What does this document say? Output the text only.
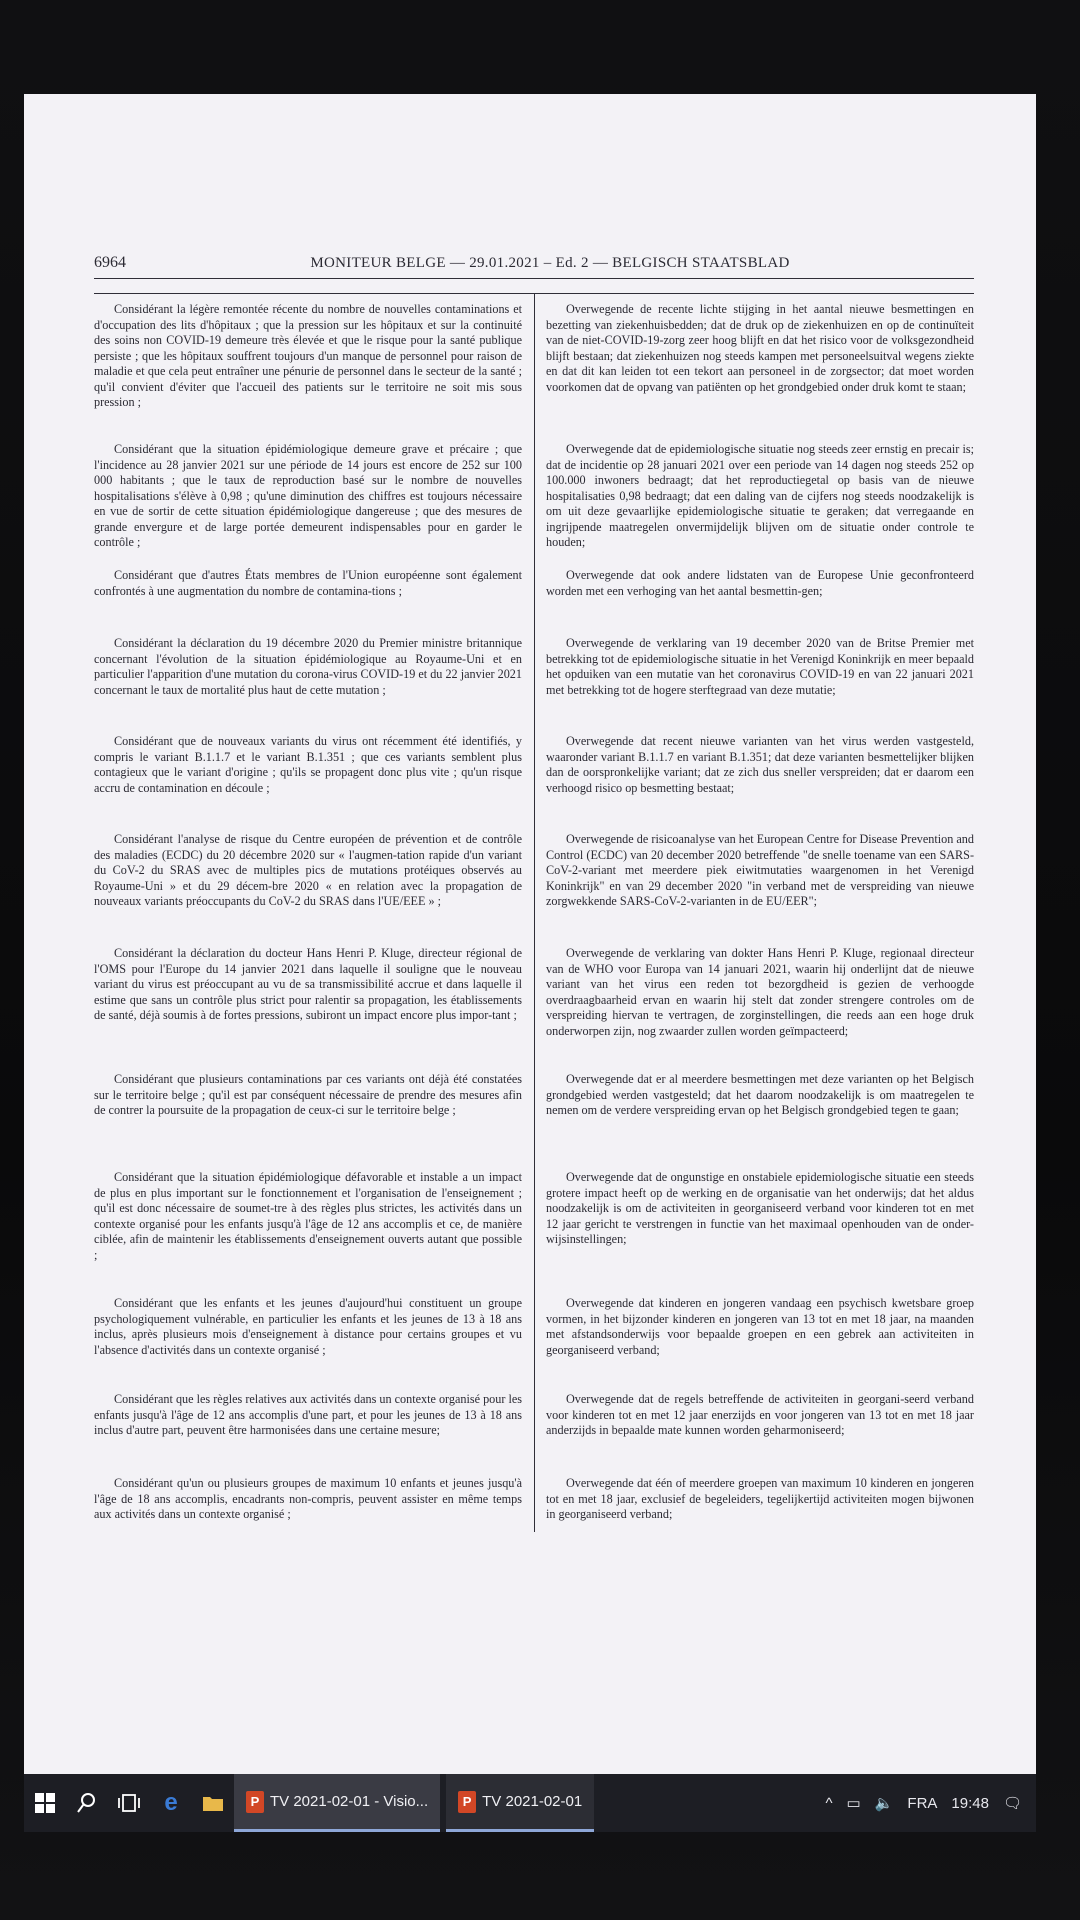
6964	MONITEUR BELGE — 29.01.2021 – Ed. 2 — BELGISCH STAATSBLAD

Considérant la légère remontée récente du nombre de nouvelles contaminations et d'occupation des lits d'hôpitaux ; que la pression sur les hôpitaux et sur la continuité des soins non COVID-19 demeure très élevée et que le risque pour la santé publique persiste ; que les hôpitaux souffrent toujours d'un manque de personnel pour raison de maladie et que cela peut entraîner une pénurie de personnel dans le secteur de la santé ; qu'il convient d'éviter que l'accueil des patients sur le territoire ne soit mis sous pression ;

Considérant que la situation épidémiologique demeure grave et précaire ; que l'incidence au 28 janvier 2021 sur une période de 14 jours est encore de 252 sur 100 000 habitants ; que le taux de reproduction basé sur le nombre de nouvelles hospitalisations s'élève à 0,98 ; qu'une diminution des chiffres est toujours nécessaire en vue de sortir de cette situation épidémiologique dangereuse ; que des mesures de grande envergure et de large portée demeurent indispensables pour en garder le contrôle ;

Considérant que d'autres États membres de l'Union européenne sont également confrontés à une augmentation du nombre de contamina-tions ;

Considérant la déclaration du 19 décembre 2020 du Premier ministre britannique concernant l'évolution de la situation épidémiologique au Royaume-Uni et en particulier l'apparition d'une mutation du corona-virus COVID-19 et du 22 janvier 2021 concernant le taux de mortalité plus haut de cette mutation ;

Considérant que de nouveaux variants du virus ont récemment été identifiés, y compris le variant B.1.1.7 et le variant B.1.351 ; que ces variants semblent plus contagieux que le variant d'origine ; qu'ils se propagent donc plus vite ; qu'un risque accru de contamination en découle ;

Considérant l'analyse de risque du Centre européen de prévention et de contrôle des maladies (ECDC) du 20 décembre 2020 sur « l'augmen-tation rapide d'un variant du CoV-2 du SRAS avec de multiples pics de mutations protéiques observés au Royaume-Uni » et du 29 décem-bre 2020 « en relation avec la propagation de nouveaux variants préoccupants du CoV-2 du SRAS dans l'UE/EEE » ;

Considérant la déclaration du docteur Hans Henri P. Kluge, directeur régional de l'OMS pour l'Europe du 14 janvier 2021 dans laquelle il souligne que le nouveau variant du virus est préoccupant au vu de sa transmissibilité accrue et dans laquelle il estime que sans un contrôle plus strict pour ralentir sa propagation, les établissements de santé, déjà soumis à de fortes pressions, subiront un impact encore plus impor-tant ;

Considérant que plusieurs contaminations par ces variants ont déjà été constatées sur le territoire belge ; qu'il est par conséquent nécessaire de prendre des mesures afin de contrer la poursuite de la propagation de ceux-ci sur le territoire belge ;

Considérant que la situation épidémiologique défavorable et instable a un impact de plus en plus important sur le fonctionnement et l'organisation de l'enseignement ; qu'il est donc nécessaire de soumet-tre à des règles plus strictes, les activités dans un contexte organisé pour les enfants jusqu'à l'âge de 12 ans accomplis et ce, de manière ciblée, afin de maintenir les établissements d'enseignement ouverts autant que possible ;

Considérant que les enfants et les jeunes d'aujourd'hui constituent un groupe psychologiquement vulnérable, en particulier les enfants et les jeunes de 13 à 18 ans inclus, après plusieurs mois d'enseignement à distance pour certains groupes et vu l'absence d'activités dans un contexte organisé ;

Considérant que les règles relatives aux activités dans un contexte organisé pour les enfants jusqu'à l'âge de 12 ans accomplis d'une part, et pour les jeunes de 13 à 18 ans inclus d'autre part, peuvent être harmonisées dans une certaine mesure;

Considérant qu'un ou plusieurs groupes de maximum 10 enfants et jeunes jusqu'à l'âge de 18 ans accomplis, encadrants non-compris, peuvent assister en même temps aux activités dans un contexte organisé ;

Overwegende de recente lichte stijging in het aantal nieuwe besmettingen en bezetting van ziekenhuisbedden; dat de druk op de ziekenhuizen en op de continuïteit van de niet-COVID-19-zorg zeer hoog blijft en dat het risico voor de volksgezondheid blijft bestaan; dat ziekenhuizen nog steeds kampen met personeelsuitval wegens ziekte en dat dit kan leiden tot een tekort aan personeel in de zorgsector; dat moet worden voorkomen dat de opvang van patiënten op het grondgebied onder druk komt te staan;

Overwegende dat de epidemiologische situatie nog steeds zeer ernstig en precair is; dat de incidentie op 28 januari 2021 over een periode van 14 dagen nog steeds 252 op 100.000 inwoners bedraagt; dat het reproductiegetal op basis van de nieuwe hospitalisaties 0,98 bedraagt; dat een daling van de cijfers nog steeds noodzakelijk is om uit deze gevaarlijke epidemiologische situatie te geraken; dat verregaande en ingrijpende maatregelen onvermijdelijk blijven om de situatie onder controle te houden;

Overwegende dat ook andere lidstaten van de Europese Unie geconfronteerd worden met een verhoging van het aantal besmettin-gen;

Overwegende de verklaring van 19 december 2020 van de Britse Premier met betrekking tot de epidemiologische situatie in het Verenigd Koninkrijk en meer bepaald het opduiken van een mutatie van het coronavirus COVID-19 en van 22 januari 2021 met betrekking tot de hogere sterftegraad van deze mutatie;

Overwegende dat recent nieuwe varianten van het virus werden vastgesteld, waaronder variant B.1.1.7 en variant B.1.351; dat deze varianten besmettelijker blijken dan de oorspronkelijke variant; dat ze zich dus sneller verspreiden; dat er daarom een verhoogd risico op besmetting bestaat;

Overwegende de risicoanalyse van het European Centre for Disease Prevention and Control (ECDC) van 20 december 2020 betreffende "de snelle toename van een SARS-CoV-2-variant met meerdere piek eiwitmutaties waargenomen in het Verenigd Koninkrijk" en van 29 december 2020 "in verband met de verspreiding van nieuwe zorgwekkende SARS-CoV-2-varianten in de EU/EER";

Overwegende de verklaring van dokter Hans Henri P. Kluge, regionaal directeur van de WHO voor Europa van 14 januari 2021, waarin hij onderlijnt dat de nieuwe variant van het virus een reden tot bezorgdheid is gezien de verhoogde overdraagbaarheid ervan en waarin hij stelt dat zonder strengere controles om de verspreiding hiervan te vertragen, de zorginstellingen, die reeds aan een hoge druk onderworpen zijn, nog zwaarder zullen worden geïmpacteerd;

Overwegende dat er al meerdere besmettingen met deze varianten op het Belgisch grondgebied werden vastgesteld; dat het daarom noodzakelijk is om maatregelen te nemen om de verdere verspreiding ervan op het Belgisch grondgebied tegen te gaan;

Overwegende dat de ongunstige en onstabiele epidemiologische situatie een steeds grotere impact heeft op de werking en de organisatie van het onderwijs; dat het aldus noodzakelijk is om de activiteiten in georganiseerd verband voor kinderen tot en met 12 jaar gericht te verstrengen in functie van het maximaal openhouden van de onder-wijsinstellingen;

Overwegende dat kinderen en jongeren vandaag een psychisch kwetsbare groep vormen, in het bijzonder kinderen en jongeren van 13 tot en met 18 jaar, na maanden met afstandsonderwijs voor bepaalde groepen en een gebrek aan activiteiten in georganiseerd verband;

Overwegende dat de regels betreffende de activiteiten in georgani-seerd verband voor kinderen tot en met 12 jaar enerzijds en voor jongeren van 13 tot en met 18 jaar anderzijds in bepaalde mate kunnen worden geharmoniseerd;

Overwegende dat één of meerdere groepen van maximum 10 kinderen en jongeren tot en met 18 jaar, exclusief de begeleiders, tegelijkertijd activiteiten mogen bijwonen in georganiseerd verband;

e	P TV 2021-02-01 - Visio...	P TV 2021-02-01	^ ▭ 🔈 FRA 19:48 🗨
